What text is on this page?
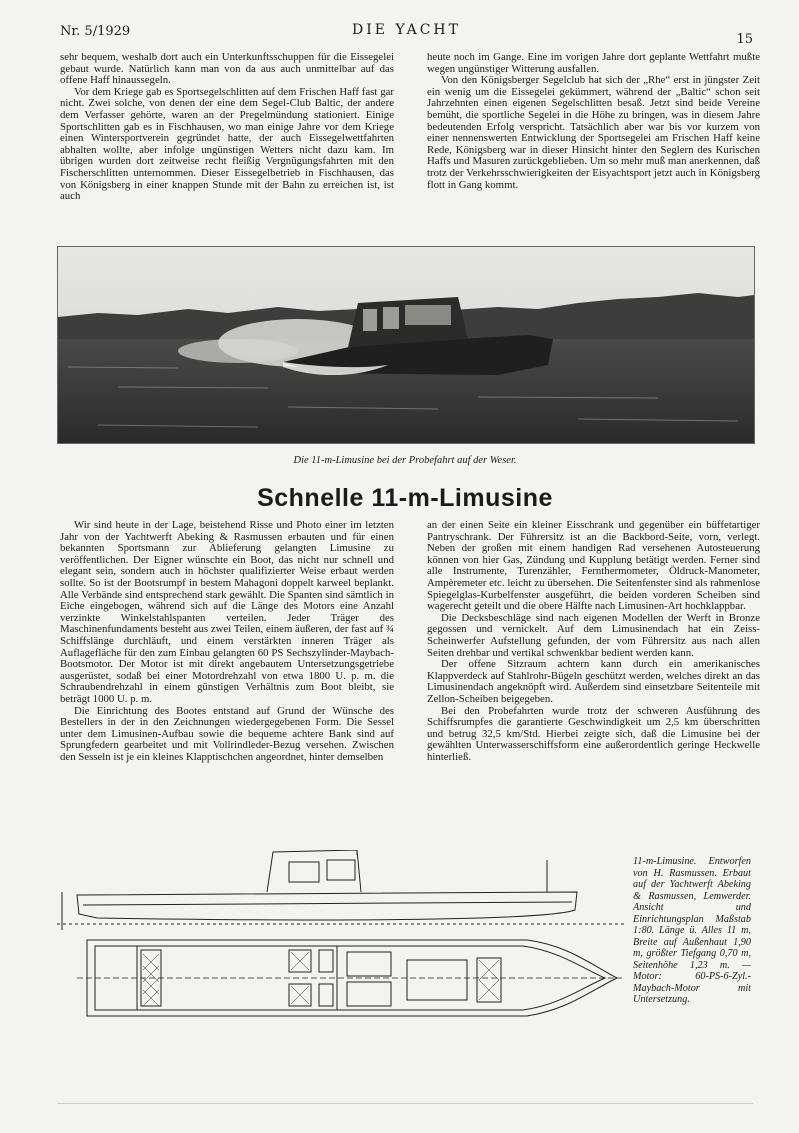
Nr. 5/1929	DIE YACHT
15

sehr bequem, weshalb dort auch ein Unterkunftsschuppen für die Eissegelei gebaut wurde. Natürlich kann man von da aus auch unmittelbar auf das offene Haff hinaussegeln.

Vor dem Kriege gab es Sportsegelschlitten auf dem Frischen Haff fast gar nicht. Zwei solche, von denen der eine dem Segel-Club Baltic, der andere dem Verfasser gehörte, waren an der Pregelmündung stationiert. Einige Sportschlitten gab es in Fischhausen, wo man einige Jahre vor dem Kriege einen Wintersportverein gegründet hatte, der auch Eissegelwettfahrten abhalten wollte, aber infolge ungünstigen Wetters nicht dazu kam. Im übrigen wurden dort zeitweise recht fleißig Vergnügungsfahrten mit den Fischerschlitten unternommen. Dieser Eissegelbetrieb in Fischhausen, das von Königsberg in einer knappen Stunde mit der Bahn zu erreichen ist, ist auch

heute noch im Gange. Eine im vorigen Jahre dort geplante Wettfahrt mußte wegen ungünstiger Witterung ausfallen.

Von den Königsberger Segelclub hat sich der „Rhe“ erst in jüngster Zeit ein wenig um die Eissegelei gekümmert, während der „Baltic“ schon seit Jahrzehnten einen eigenen Segelschlitten besaß. Jetzt sind beide Vereine bemüht, die sportliche Segelei in die Höhe zu bringen, was in diesem Jahre bedeutenden Erfolg verspricht. Tatsächlich aber war bis vor kurzem von einer nennenswerten Entwicklung der Sportsegelei am Frischen Haff keine Rede, Königsberg war in dieser Hinsicht hinter den Seglern des Kurischen Haffs und Masuren zurückgeblieben. Um so mehr muß man anerkennen, daß trotz der Verkehrsschwierigkeiten der Eisyachtsport jetzt auch in Königsberg flott in Gang kommt.

Die 11-m-Limusine bei der Probefahrt auf der Weser.
Schnelle 11-m-Limusine

Wir sind heute in der Lage, beistehend Risse und Photo einer im letzten Jahr von der Yachtwerft Abeking & Rasmussen erbauten und für einen bekannten Sportsmann zur Ablieferung gelangten Limusine zu veröffentlichen. Der Eigner wünschte ein Boot, das nicht nur schnell und elegant sein, sondern auch in höchster qualifizierter Weise erbaut werden sollte. So ist der Bootsrumpf in bestem Mahagoni doppelt karweel beplankt. Alle Verbände sind entsprechend stark gewählt. Die Spanten sind sämtlich in Eiche eingebogen, während sich auf die Länge des Motors eine Anzahl verzinkte Winkelstahlspanten verteilen. Jeder Träger des Maschinenfundaments besteht aus zwei Teilen, einem äußeren, der fast auf ¾ Schiffslänge durchläuft, und einem verstärkten inneren Träger als Auflagefläche für den zum Einbau gelangten 60 PS Sechszylinder-Maybach-Bootsmotor. Der Motor ist mit direkt angebautem Untersetzungsgetriebe ausgerüstet, sodaß bei einer Motordrehzahl von etwa 1800 U. p. m. die Schraubendrehzahl in einem günstigen Verhältnis zum Boot bleibt, sie beträgt 1000 U. p. m.

Die Einrichtung des Bootes entstand auf Grund der Wünsche des Bestellers in der in den Zeichnungen wiedergegebenen Form. Die Sessel unter dem Limusinen-Aufbau sowie die bequeme achtere Bank sind auf Sprungfedern gearbeitet und mit Vollrindleder-Bezug versehen. Zwischen den Sesseln ist je ein kleines Klapptischchen angeordnet, hinter demselben

an der einen Seite ein kleiner Eisschrank und gegenüber ein büffetartiger Pantryschrank. Der Führersitz ist an die Backbord-Seite, vorn, verlegt. Neben der großen mit einem handigen Rad versehenen Autosteuerung können von hier Gas, Zündung und Kupplung betätigt werden. Ferner sind alle Instrumente, Turenzähler, Fernthermometer, Öldruck-Manometer, Ampèremeter etc. leicht zu übersehen. Die Seitenfenster sind als rahmenlose Spiegelglas-Kurbelfenster ausgeführt, die beiden vorderen Scheiben sind wagerecht geteilt und die obere Hälfte nach Limusinen-Art hochklappbar.

Die Decksbeschläge sind nach eigenen Modellen der Werft in Bronze gegossen und vernickelt. Auf dem Limusinendach hat ein Zeiss-Scheinwerfer Aufstellung gefunden, der vom Führersitz aus nach allen Seiten drehbar und vertikal schwenkbar bedient werden kann.

Der offene Sitzraum achtern kann durch ein amerikanisches Klappverdeck auf Stahlrohr-Bügeln geschützt werden, welches direkt an das Limusinendach angeknöpft wird. Außerdem sind einsetzbare Seitenteile mit Zellon-Scheiben beigegeben.

Bei den Probefahrten wurde trotz der schweren Ausführung des Schiffsrumpfes die garantierte Geschwindigkeit um 2,5 km überschritten und betrug 32,5 km/Std. Hierbei zeigte sich, daß die Limusine bei der gewählten Unterwasserschiffsform eine außerordentlich geringe Heckwelle hinterließ.

11-m-Limusine. Entworfen von H. Rasmussen. Erbaut auf der Yachtwerft Abeking & Rasmussen, Lemwerder. Ansicht und Einrichtungsplan Maßstab 1:80. Länge ü. Alles 11 m, Breite auf Außenhaut 1,90 m, größter Tiefgang 0,70 m, Seitenhöhe 1,23 m. — Motor: 60-PS-6-Zyl.-Maybach-Motor mit Untersetzung.
